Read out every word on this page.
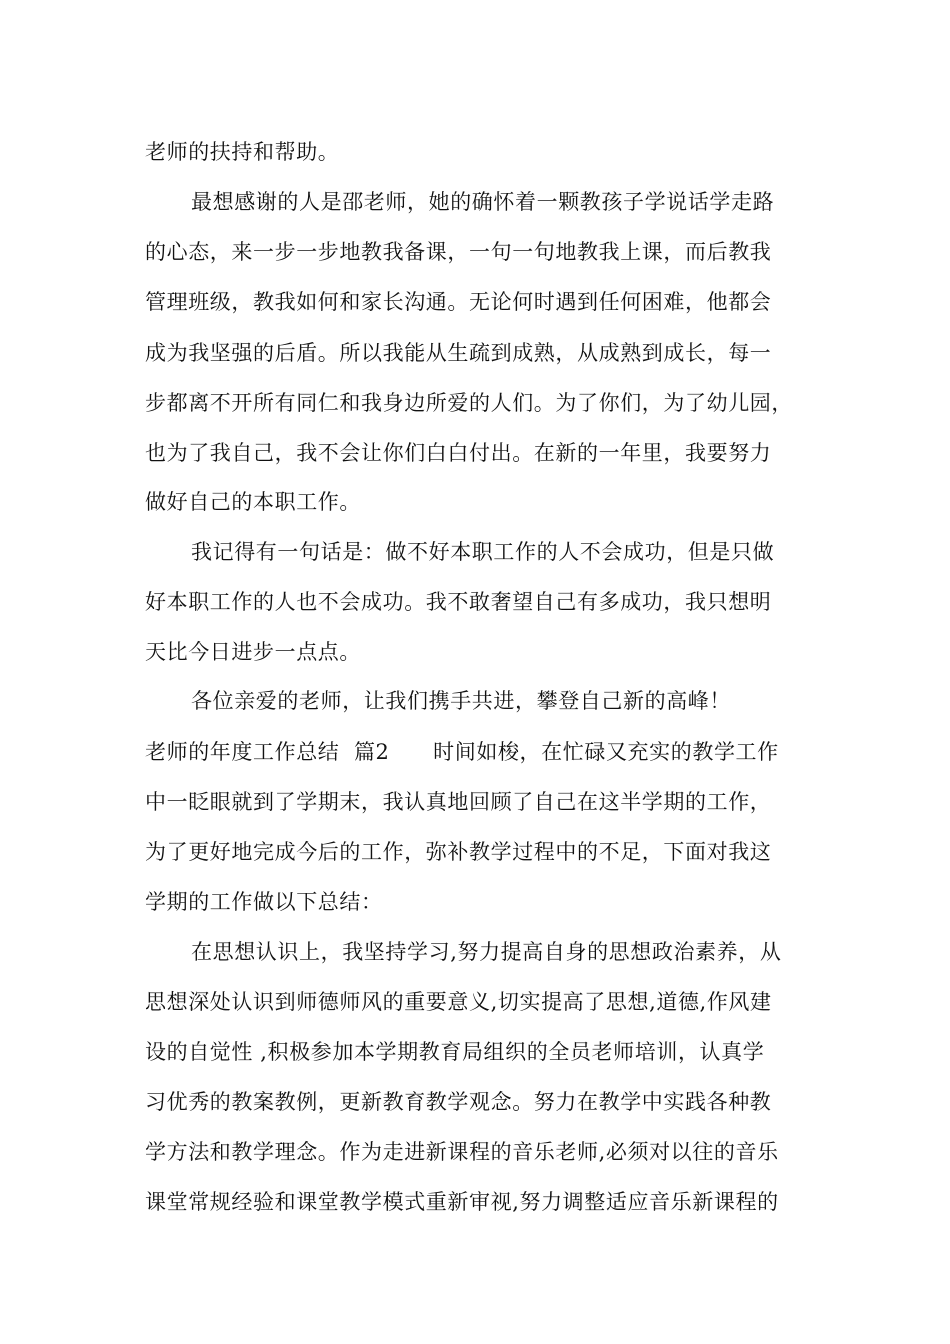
老师的扶持和帮助。
最想感谢的人是邵老师，她的确怀着一颗教孩子学说话学走路
的心态，来一步一步地教我备课，一句一句地教我上课，而后教我
管理班级，教我如何和家长沟通。无论何时遇到任何困难，他都会
成为我坚强的后盾。所以我能从生疏到成熟，从成熟到成长，每一
步都离不开所有同仁和我身边所爱的人们。为了你们，为了幼儿园，
也为了我自己，我不会让你们白白付出。在新的一年里，我要努力
做好自己的本职工作。
我记得有一句话是：做不好本职工作的人不会成功，但是只做
好本职工作的人也不会成功。我不敢奢望自己有多成功，我只想明
天比今日进步一点点。
各位亲爱的老师，让我们携手共进，攀登自己新的高峰！
老师的年度工作总结  篇2      时间如梭，在忙碌又充实的教学工作
中一眨眼就到了学期末，我认真地回顾了自己在这半学期的工作，
为了更好地完成今后的工作，弥补教学过程中的不足，下面对我这
学期的工作做以下总结：
在思想认识上，我坚持学习,努力提高自身的思想政治素养，从
思想深处认识到师德师风的重要意义,切实提高了思想,道德,作风建
设的自觉性 ,积极参加本学期教育局组织的全员老师培训，认真学
习优秀的教案教例，更新教育教学观念。努力在教学中实践各种教
学方法和教学理念。作为走进新课程的音乐老师,必须对以往的音乐
课堂常规经验和课堂教学模式重新审视,努力调整适应音乐新课程的
